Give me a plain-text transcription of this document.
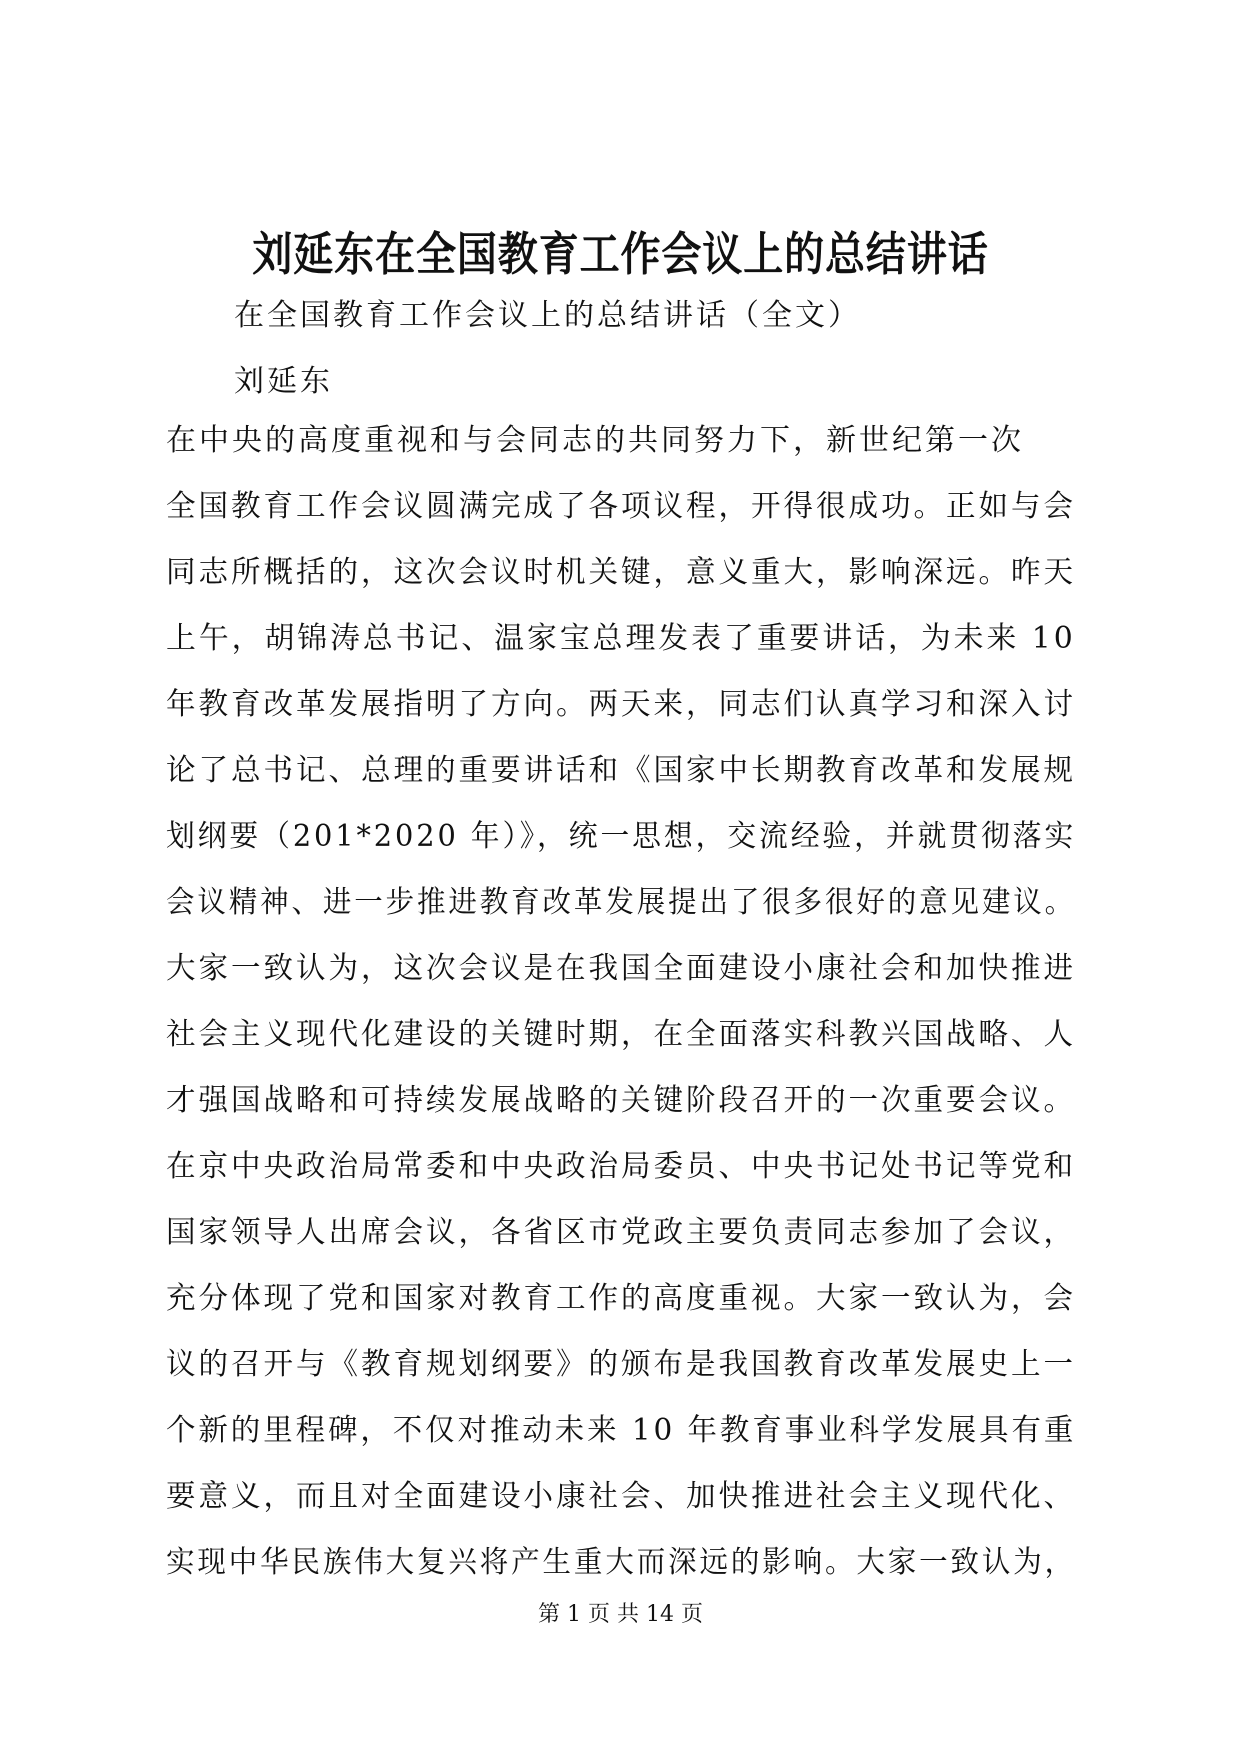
刘延东在全国教育工作会议上的总结讲话
在全国教育工作会议上的总结讲话（全文）
刘延东
在中央的高度重视和与会同志的共同努力下，新世纪第一次
全国教育工作会议圆满完成了各项议程，开得很成功。正如与会
同志所概括的，这次会议时机关键，意义重大，影响深远。昨天
上午，胡锦涛总书记、温家宝总理发表了重要讲话，为未来 10
年教育改革发展指明了方向。两天来，同志们认真学习和深入讨
论了总书记、总理的重要讲话和《国家中长期教育改革和发展规
划纲要（201*2020 年）》，统一思想，交流经验，并就贯彻落实
会议精神、进一步推进教育改革发展提出了很多很好的意见建议。
大家一致认为，这次会议是在我国全面建设小康社会和加快推进
社会主义现代化建设的关键时期，在全面落实科教兴国战略、人
才强国战略和可持续发展战略的关键阶段召开的一次重要会议。
在京中央政治局常委和中央政治局委员、中央书记处书记等党和
国家领导人出席会议，各省区市党政主要负责同志参加了会议，
充分体现了党和国家对教育工作的高度重视。大家一致认为，会
议的召开与《教育规划纲要》的颁布是我国教育改革发展史上一
个新的里程碑，不仅对推动未来 10 年教育事业科学发展具有重
要意义，而且对全面建设小康社会、加快推进社会主义现代化、
实现中华民族伟大复兴将产生重大而深远的影响。大家一致认为，
第 1 页 共 14 页
